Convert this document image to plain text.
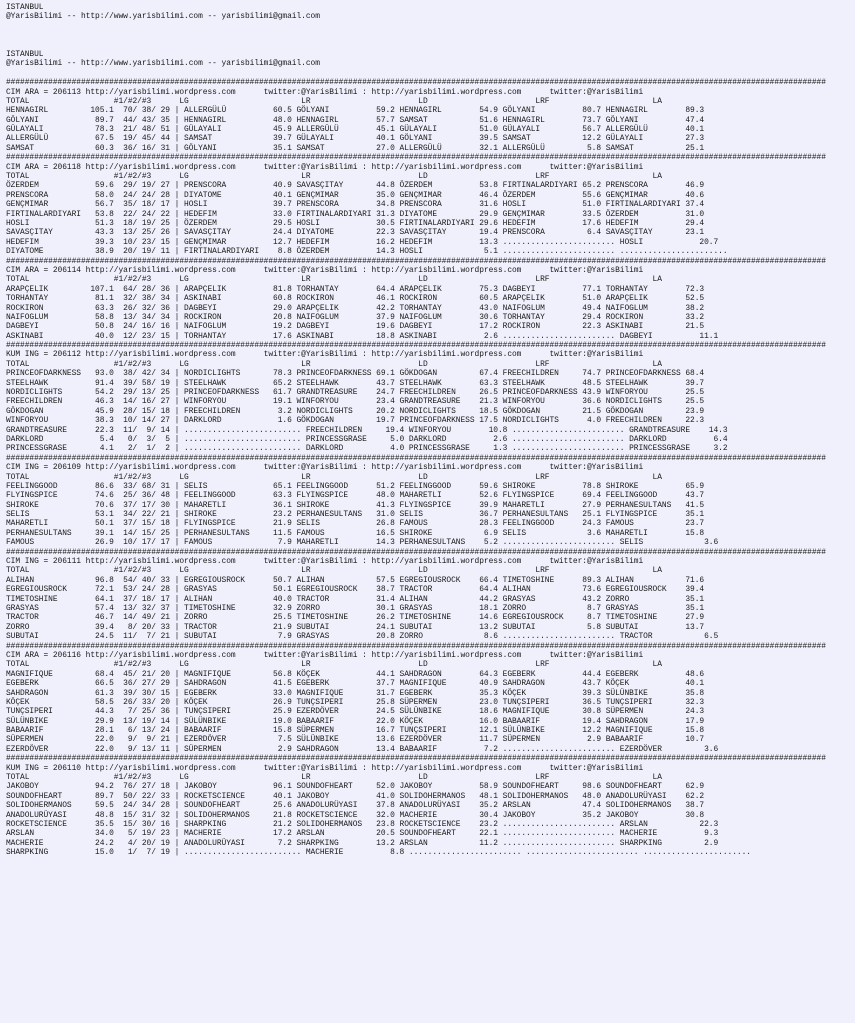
ISTANBUL
@YarisBilimi -- http://www.yarisbilimi.com -- yarisbilimi@gmail.com
ISTANBUL
@YarisBilimi -- http://www.yarisbilimi.com -- yarisbilimi@gmail.com
###############################################################################################################################################################################
CIM ARA = 206113 http://yarisbilimi.wordpress.com      twitter:@YarisBilimi : http://yarisbilimi.wordpress.com      twitter:@YarisBilimi
TOTAL                  #1/#2/#3      LG                        LR                       LD                       LRF                      LA
HENNAGIRL         105.1  70/ 38/ 29 | ALLERGÜLÜ          60.5 GÖLYANI          59.2 HENNAGIRL        54.9 GÖLYANI          80.7 HENNAGIRL        89.3
GÖLYANI            89.7  44/ 43/ 35 | HENNAGIRL          48.0 HENNAGIRL        57.7 SAMSAT           51.6 HENNAGIRL        73.7 GÖLYANI          47.4
GÜLAYALI           78.3  21/ 48/ 51 | GÜLAYALI           45.9 ALLERGÜLÜ        45.1 GÜLAYALI         51.0 GÜLAYALI         56.7 ALLERGÜLÜ        40.1
ALLERGÜLÜ          67.5  19/ 45/ 44 | SAMSAT             39.7 GÜLAYALI         40.1 GÖLYANI          39.5 SAMSAT           12.2 GÜLAYALI         27.3
SAMSAT             60.3  36/ 16/ 31 | GÖLYANI            35.1 SAMSAT           27.0 ALLERGÜLÜ        32.1 ALLERGÜLÜ         5.8 SAMSAT           25.1
###############################################################################################################################################################################
CIM ARA = 206118 http://yarisbilimi.wordpress.com      twitter:@YarisBilimi : http://yarisbilimi.wordpress.com      twitter:@YarisBilimi
TOTAL                  #1/#2/#3      LG                        LR                       LD                       LRF                      LA
ÖZERDEM            59.6  29/ 19/ 27 | PRENSCORA          40.9 SAVASÇITAY       44.8 ÖZERDEM          53.8 FIRTINALARDIYARI 65.2 PRENSCORA        46.9
PRENSCORA          58.0  24/ 24/ 28 | DIYATOME           40.1 GENÇMIMAR        35.0 GENÇMIMAR        46.4 ÖZERDEM          55.6 GENÇMIMAR        40.6
GENÇMIMAR          56.7  35/ 18/ 17 | HOSLI              39.7 PRENSCORA        34.8 PRENSCORA        31.6 HOSLI            51.0 FIRTINALARDIYARI 37.4
FIRTINALARDIYARI   53.8  22/ 24/ 22 | HEDEFIM            33.0 FIRTINALARDIYARI 31.3 DIYATOME         29.9 GENÇMIMAR        33.5 ÖZERDEM          31.0
HOSLI              51.3  18/ 19/ 25 | ÖZERDEM            29.5 HOSLI            30.5 FIRTINALARDIYARI 29.6 HEDEFIM          17.6 HEDEFIM          29.4
SAVASÇITAY         43.3  13/ 25/ 26 | SAVASÇITAY         24.4 DIYATOME         22.3 SAVASÇITAY       19.4 PRENSCORA         6.4 SAVASÇITAY       23.1
HEDEFIM            39.3  10/ 23/ 15 | GENÇMIMAR          12.7 HEDEFIM          16.2 HEDEFIM          13.3 ........................ HOSLI            20.7
DIYATOME           38.9  20/ 19/ 11 | FIRTINALARDIYARI    8.8 ÖZERDEM          14.3 HOSLI             5.1 ........................ .......................
###############################################################################################################################################################################
CIM ARA = 206114 http://yarisbilimi.wordpress.com      twitter:@YarisBilimi : http://yarisbilimi.wordpress.com      twitter:@YarisBilimi
TOTAL                  #1/#2/#3      LG                        LR                       LD                       LRF                      LA
ARAPÇELIK         107.1  64/ 28/ 36 | ARAPÇELIK          81.8 TORHANTAY        64.4 ARAPÇELIK        75.3 DAGBEYI          77.1 TORHANTAY        72.3
TORHANTAY          81.1  32/ 38/ 34 | ASKINABI           60.8 ROCKIRON         46.1 ROCKIRON         60.5 ARAPÇELIK        51.0 ARAPÇELIK        52.5
ROCKIRON           63.3  26/ 32/ 36 | DAGBEYI            29.0 ARAPÇELIK        42.2 TORHANTAY        43.0 NAIFOGLUM        49.4 NAIFOGLUM        38.2
NAIFOGLUM          58.8  13/ 34/ 34 | ROCKIRON           20.8 NAIFOGLUM        37.9 NAIFOGLUM        30.6 TORHANTAY        29.4 ROCKIRON         33.2
DAGBEYI            50.8  24/ 16/ 16 | NAIFOGLUM          19.2 DAGBEYI          19.6 DAGBEYI          17.2 ROCKIRON         22.3 ASKINABI         21.5
ASKINABI           40.0  12/ 23/ 15 | TORHANTAY          17.6 ASKINABI         18.8 ASKINABI          2.6 ........................ DAGBEYI          11.1
###############################################################################################################################################################################
KUM ING = 206112 http://yarisbilimi.wordpress.com      twitter:@YarisBilimi : http://yarisbilimi.wordpress.com      twitter:@YarisBilimi
TOTAL                  #1/#2/#3      LG                        LR                       LD                       LRF                      LA
PRINCEOFDARKNESS   93.0  38/ 42/ 34 | NORDICLIGHTS       78.3 PRINCEOFDARKNESS 69.1 GÖKDOGAN         67.4 FREECHILDREN     74.7 PRINCEOFDARKNESS 68.4
STEELHAWK          91.4  39/ 58/ 19 | STEELHAWK          65.2 STEELHAWK        43.7 STEELHAWK        63.3 STEELHAWK        48.5 STEELHAWK        39.7
NORDICLIGHTS       54.2  29/ 13/ 25 | PRINCEOFDARKNESS   61.7 GRANDTREASURE    24.7 FREECHILDREN     26.5 PRINCEOFDARKNESS 43.9 WINFORYOU        25.5
FREECHILDREN       46.3  14/ 16/ 27 | WINFORYOU          19.1 WINFORYOU        23.4 GRANDTREASURE    21.3 WINFORYOU        36.6 NORDICLIGHTS     25.5
GÖKDOGAN           45.9  28/ 15/ 18 | FREECHILDREN        3.2 NORDICLIGHTS     20.2 NORDICLIGHTS     18.5 GÖKDOGAN         21.5 GÖKDOGAN         23.9
WINFORYOU          38.3  10/ 14/ 27 | DARKLORD            1.6 GÖKDOGAN         19.7 PRINCEOFDARKNESS 17.5 NORDICLIGHTS      4.0 FREECHILDREN     22.3
GRANDTREASURE      22.3  11/  9/ 14 | ......................... FREECHILDREN     19.4 WINFORYOU        10.8 ........................ GRANDTREASURE    14.3
DARKLORD            5.4   0/  3/  5 | ......................... PRINCESSGRASE     5.0 DARKLORD          2.6 ........................ DARKLORD          6.4
PRINCESSGRASE       4.1   2/  1/  2 | ......................... DARKLORD          4.0 PRINCESSGRASE     1.3 ........................ PRINCESSGRASE     3.2
###############################################################################################################################################################################
CIM ING = 206109 http://yarisbilimi.wordpress.com      twitter:@YarisBilimi : http://yarisbilimi.wordpress.com      twitter:@YarisBilimi
TOTAL                  #1/#2/#3      LG                        LR                       LD                       LRF                      LA
FEELINGGOOD        86.6  33/ 68/ 31 | SELIS              65.1 FEELINGGOOD      51.2 FEELINGGOOD      59.6 SHIROKE          78.8 SHIROKE          65.9
FLYINGSPICE        74.6  25/ 36/ 48 | FEELINGGOOD        63.3 FLYINGSPICE      48.0 MAHARETLI        52.6 FLYINGSPICE      69.4 FEELINGGOOD      43.7
SHIROKE            70.6  37/ 17/ 30 | MAHARETLI          36.1 SHIROKE          41.3 FLYINGSPICE      39.9 MAHARETLI        27.9 PERHANESULTANS   41.5
SELIS              53.1  34/ 22/ 21 | SHIROKE            23.2 PERHANESULTANS   31.0 SELIS            36.7 PERHANESULTANS   25.1 FLYINGSPICE      35.1
MAHARETLI          50.1  37/ 15/ 18 | FLYINGSPICE        21.9 SELIS            26.8 FAMOUS           28.3 FEELINGGOOD      24.3 FAMOUS           23.7
PERHANESULTANS     39.1  14/ 15/ 25 | PERHANESULTANS     11.5 FAMOUS           16.5 SHIROKE           6.9 SELIS             3.6 MAHARETLI        15.8
FAMOUS             26.9  10/ 17/ 17 | FAMOUS              7.9 MAHARETLI        14.3 PERHANESULTANS    5.2 ........................ SELIS             3.6
###############################################################################################################################################################################
CIM ING = 206111 http://yarisbilimi.wordpress.com      twitter:@YarisBilimi : http://yarisbilimi.wordpress.com      twitter:@YarisBilimi
TOTAL                  #1/#2/#3      LG                        LR                       LD                       LRF                      LA
ALIHAN             96.8  54/ 40/ 33 | EGREGIOUSROCK      50.7 ALIHAN           57.5 EGREGIOUSROCK    66.4 TIMETOSHINE      89.3 ALIHAN           71.6
EGREGIOUSROCK      72.1  53/ 24/ 28 | GRASYAS            50.1 EGREGIOUSROCK    38.7 TRACTOR          64.4 ALIHAN           73.6 EGREGIOUSROCK    39.4
TIMETOSHINE        64.1  37/ 18/ 17 | ALIHAN             40.0 TRACTOR          31.4 ALIHAN           44.2 GRASYAS          43.2 ZORRO            35.1
GRASYAS            57.4  13/ 32/ 37 | TIMETOSHINE        32.9 ZORRO            30.1 GRASYAS          18.1 ZORRO             8.7 GRASYAS          35.1
TRACTOR            46.7  14/ 49/ 21 | ZORRO              25.5 TIMETOSHINE      26.2 TIMETOSHINE      14.6 EGREGIOUSROCK     8.7 TIMETOSHINE      27.9
ZORRO              39.4   8/ 20/ 33 | TRACTOR            21.9 SUBUTAI          24.1 SUBUTAI          13.2 SUBUTAI           5.8 SUBUTAI          13.7
SUBUTAI            24.5  11/  7/ 21 | SUBUTAI             7.9 GRASYAS          20.8 ZORRO             8.6 ........................ TRACTOR           6.5
###############################################################################################################################################################################
CIM ARA = 206116 http://yarisbilimi.wordpress.com      twitter:@YarisBilimi : http://yarisbilimi.wordpress.com      twitter:@YarisBilimi
TOTAL                  #1/#2/#3      LG                        LR                       LD                       LRF                      LA
MAGNIFIQUE         68.4  45/ 21/ 20 | MAGNIFIQUE         56.8 KÖÇEK            44.1 SAHDRAGON        64.3 EGEBERK          44.4 EGEBERK          48.6
EGEBERK            66.5  36/ 27/ 29 | SAHDRAGON          41.5 EGEBERK          37.7 MAGNIFIQUE       40.9 SAHDRAGON        43.7 KÖÇEK            40.1
SAHDRAGON          61.3  39/ 30/ 15 | EGEBERK            33.0 MAGNIFIQUE       31.7 EGEBERK          35.3 KÖÇEK            39.3 SÜLÜNBIKE        35.8
KÖÇEK              58.5  26/ 33/ 20 | KÖÇEK              26.9 TUNÇSIPERI       25.8 SÜPERMEN         23.0 TUNÇSIPERI       36.5 TUNÇSIPERI       32.3
TUNÇSIPERI         44.3   7/ 25/ 36 | TUNÇSIPERI         25.9 EZERDÖVER        24.5 SÜLÜNBIKE        18.6 MAGNIFIQUE       30.8 SÜPERMEN         24.3
SÜLÜNBIKE          29.9  13/ 19/ 14 | SÜLÜNBIKE          19.0 BABAARIF         22.0 KÖÇEK            16.0 BABAARIF         19.4 SAHDRAGON        17.9
BABAARIF           28.1   6/ 13/ 24 | BABAARIF           15.8 SÜPERMEN         16.7 TUNÇSIPERI       12.1 SÜLÜNBIKE        12.2 MAGNIFIQUE       15.8
SÜPERMEN           22.0   9/  9/ 21 | EZERDÖVER           7.5 SÜLÜNBIKE        13.6 EZERDÖVER        11.7 SÜPERMEN          2.9 BABAARIF         10.7
EZERDÖVER          22.0   9/ 13/ 11 | SÜPERMEN            2.9 SAHDRAGON        13.4 BABAARIF          7.2 ........................ EZERDÖVER         3.6
###############################################################################################################################################################################
KUM ING = 206110 http://yarisbilimi.wordpress.com      twitter:@YarisBilimi : http://yarisbilimi.wordpress.com      twitter:@YarisBilimi
TOTAL                  #1/#2/#3      LG                        LR                       LD                       LRF                      LA
JAKOBOY            94.2  76/ 27/ 18 | JAKOBOY            96.1 SOUNDOFHEART     52.0 JAKOBOY          58.9 SOUNDOFHEART     98.6 SOUNDOFHEART     62.9
SOUNDOFHEART       89.7  50/ 22/ 33 | ROCKETSCIENCE      40.1 JAKOBOY          41.0 SOLIDOHERMANOS   48.1 SOLIDOHERMANOS   48.0 ANADOLURÜYASI    62.2
SOLIDOHERMANOS     59.5  24/ 34/ 28 | SOUNDOFHEART       25.6 ANADOLURÜYASI    37.8 ANADOLURÜYASI    35.2 ARSLAN           47.4 SOLIDOHERMANOS   38.7
ANADOLURÜYASI      48.8  15/ 31/ 32 | SOLIDOHERMANOS     21.8 ROCKETSCIENCE    32.0 MACHERIE         30.4 JAKOBOY          35.2 JAKOBOY          30.8
ROCKETSCIENCE      35.5  15/ 30/ 16 | SHARPKING          21.2 SOLIDOHERMANOS   23.8 ROCKETSCIENCE    23.2 ........................ ARSLAN           22.3
ARSLAN             34.0   5/ 19/ 23 | MACHERIE           17.2 ARSLAN           20.5 SOUNDOFHEART     22.1 ........................ MACHERIE          9.3
MACHERIE           24.2   4/ 20/ 19 | ANADOLURÜYASI       7.2 SHARPKING        13.2 ARSLAN           11.2 ........................ SHARPKING         2.9
SHARPKING          15.0   1/  7/ 19 | ......................... MACHERIE          8.8 ........................ ........................ .......................
